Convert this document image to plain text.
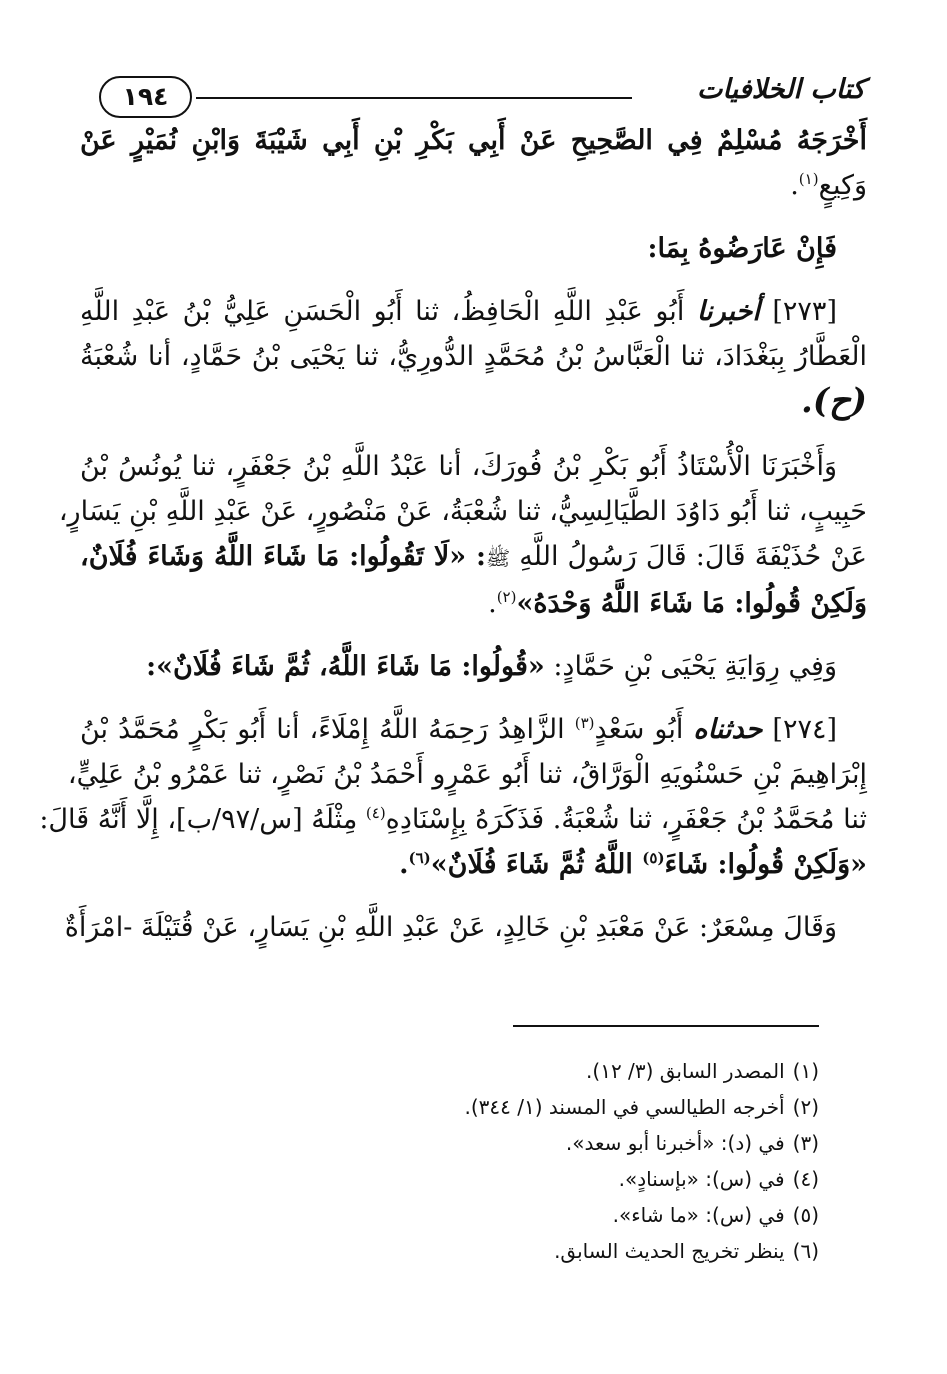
كتاب الخلافيات
١٩٤
أَخْرَجَهُ مُسْلِمٌ فِي الصَّحِيحِ عَنْ أَبِي بَكْرِ بْنِ أَبِي شَيْبَةَ وَابْنِ نُمَيْرٍ عَنْ
وَكِيعٍ$^{(١)}$.
فَإِنْ عَارَضُوهُ بِمَا:
[٢٧٣] أخبرنا أَبُو عَبْدِ اللَّهِ الْحَافِظُ، ثنا أَبُو الْحَسَنِ عَلِيُّ بْنُ عَبْدِ اللَّهِ
الْعَطَّارُ بِبَغْدَادَ، ثنا الْعَبَّاسُ بْنُ مُحَمَّدٍ الدُّورِيُّ، ثنا يَحْيَى بْنُ حَمَّادٍ، أنا شُعْبَةُ
(ح).
وَأَخْبَرَنَا الْأُسْتَاذُ أَبُو بَكْرِ بْنُ فُورَكَ، أنا عَبْدُ اللَّهِ بْنُ جَعْفَرٍ، ثنا يُونُسُ بْنُ
حَبِيبٍ، ثنا أَبُو دَاوُدَ الطَّيَالِسِيُّ، ثنا شُعْبَةُ، عَنْ مَنْصُورٍ، عَنْ عَبْدِ اللَّهِ بْنِ يَسَارٍ،
عَنْ حُذَيْفَةَ قَالَ: قَالَ رَسُولُ اللَّهِ ﷺ: «لَا تَقُولُوا: مَا شَاءَ اللَّهُ وَشَاءَ فُلَانٌ،
وَلَكِنْ قُولُوا: مَا شَاءَ اللَّهُ وَحْدَهُ»$^{(٢)}$.
وَفِي رِوَايَةِ يَحْيَى بْنِ حَمَّادٍ: «قُولُوا: مَا شَاءَ اللَّهُ، ثُمَّ شَاءَ فُلَانٌ»:
[٢٧٤] حدثناه أَبُو سَعْدٍ$^{(٣)}$ الزَّاهِدُ رَحِمَهُ اللَّهُ إِمْلَاءً، أنا أَبُو بَكْرٍ مُحَمَّدُ بْنُ
إِبْرَاهِيمَ بْنِ حَسْنُويَهِ الْوَرَّاقُ، ثنا أَبُو عَمْرٍو أَحْمَدُ بْنُ نَصْرٍ، ثنا عَمْرُو بْنُ عَلِيٍّ،
ثنا مُحَمَّدُ بْنُ جَعْفَرٍ، ثنا شُعْبَةُ. فَذَكَرَهُ بِإِسْنَادِهِ$^{(٤)}$ مِثْلَهُ [س/٩٧/ب]، إِلَّا أَنَّهُ قَالَ:
«وَلَكِنْ قُولُوا: شَاءَ$^{(٥)}$ اللَّهُ ثُمَّ شَاءَ فُلَانٌ»$^{(٦)}$.
وَقَالَ مِسْعَرٌ: عَنْ مَعْبَدِ بْنِ خَالِدٍ، عَنْ عَبْدِ اللَّهِ بْنِ يَسَارٍ، عَنْ قُتَيْلَةَ -امْرَأَةٌ
(١)المصدر السابق (٣/ ١٢).
(٢)أخرجه الطيالسي في المسند (١/ ٣٤٤).
(٣)في (د): «أخبرنا أبو سعد».
(٤)في (س): «بإسنادٍ».
(٥)في (س): «ما شاء».
(٦)ينظر تخريج الحديث السابق.
